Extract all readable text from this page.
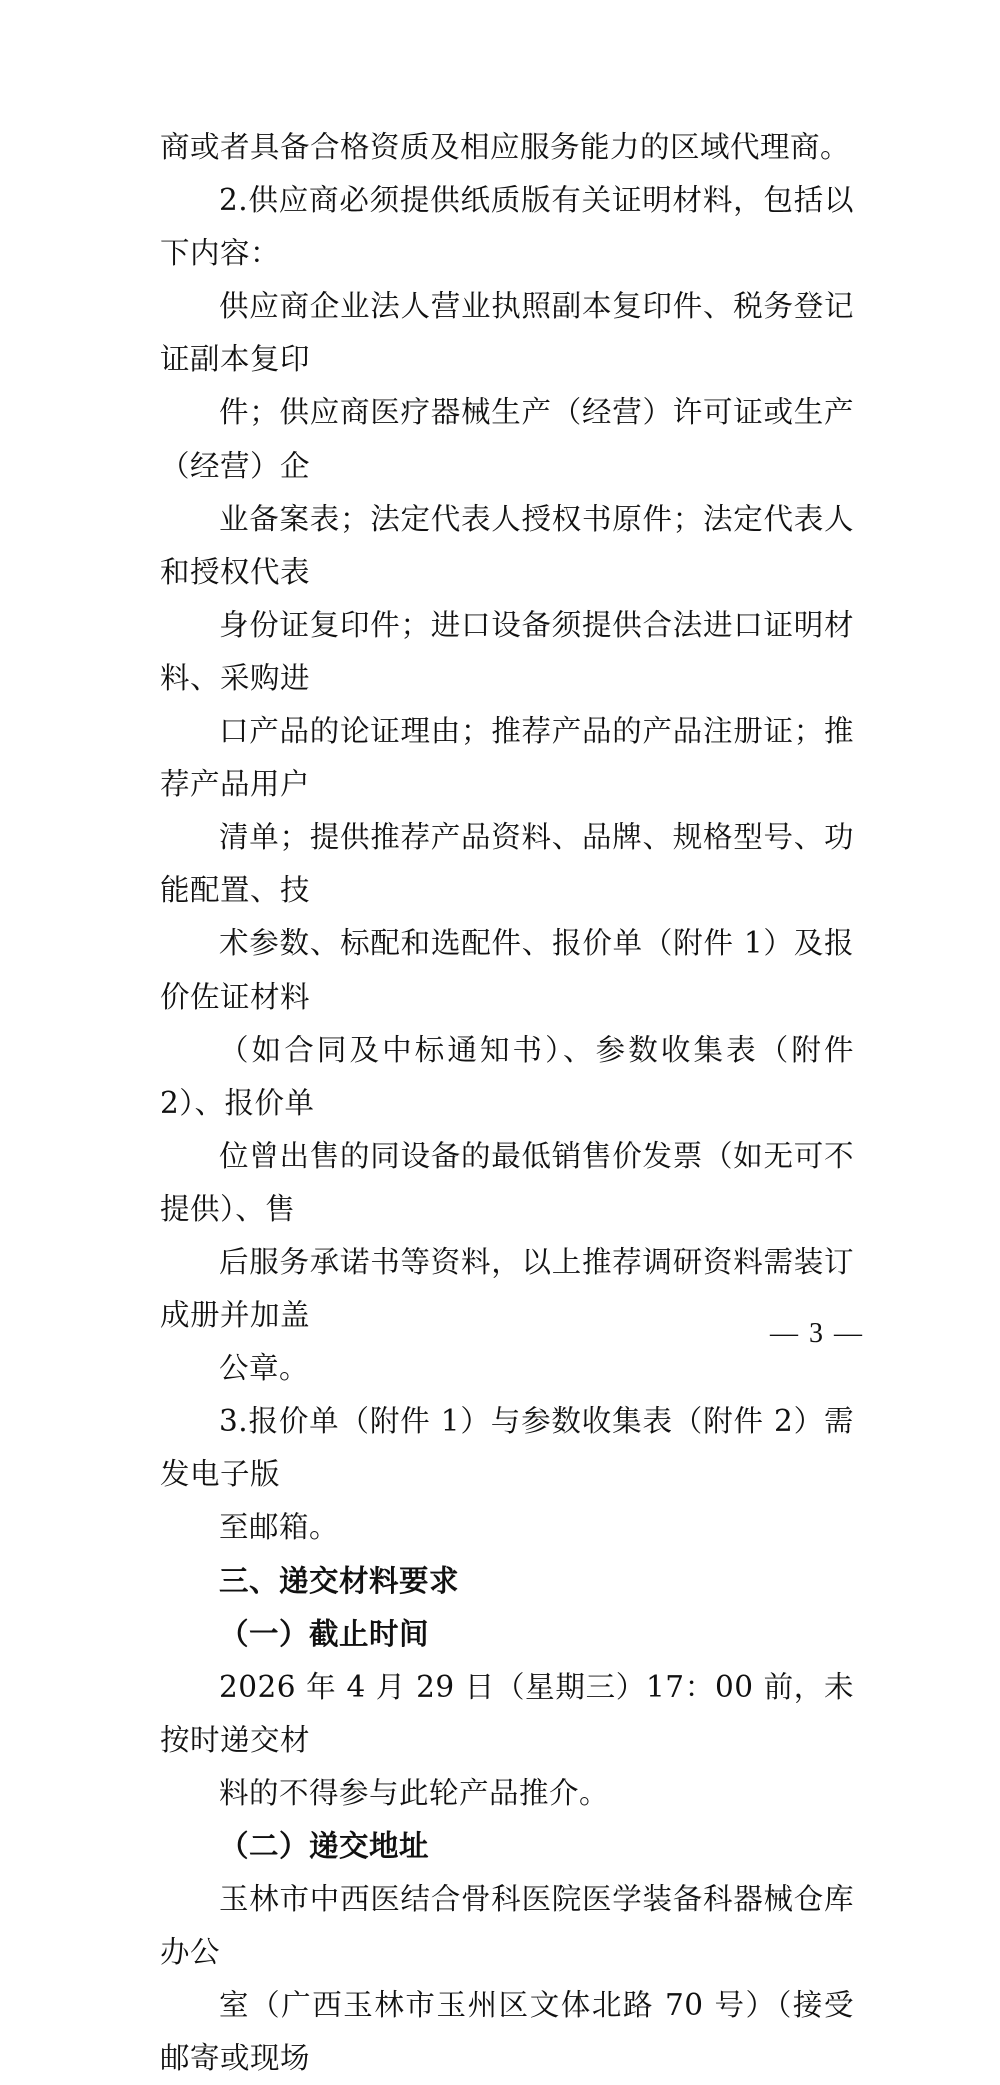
商或者具备合格资质及相应服务能力的区域代理商。

2.供应商必须提供纸质版有关证明材料，包括以下内容：
供应商企业法人营业执照副本复印件、税务登记证副本复印
件；供应商医疗器械生产（经营）许可证或生产（经营）企
业备案表；法定代表人授权书原件；法定代表人和授权代表
身份证复印件；进口设备须提供合法进口证明材料、采购进
口产品的论证理由；推荐产品的产品注册证；推荐产品用户
清单；提供推荐产品资料、品牌、规格型号、功能配置、技
术参数、标配和选配件、报价单（附件 1）及报价佐证材料
（如合同及中标通知书）、参数收集表（附件 2）、报价单
位曾出售的同设备的最低销售价发票（如无可不提供）、售
后服务承诺书等资料，以上推荐调研资料需装订成册并加盖
公章。

3.报价单（附件 1）与参数收集表（附件 2）需发电子版
至邮箱。

三、递交材料要求

（一）截止时间

2026 年 4 月 29 日（星期三）17：00 前，未按时递交材
料的不得参与此轮产品推介。

（二）递交地址

玉林市中西医结合骨科医院医学装备科器械仓库办公
室（广西玉林市玉州区文体北路 70 号）（接受邮寄或现场

— 3 —
